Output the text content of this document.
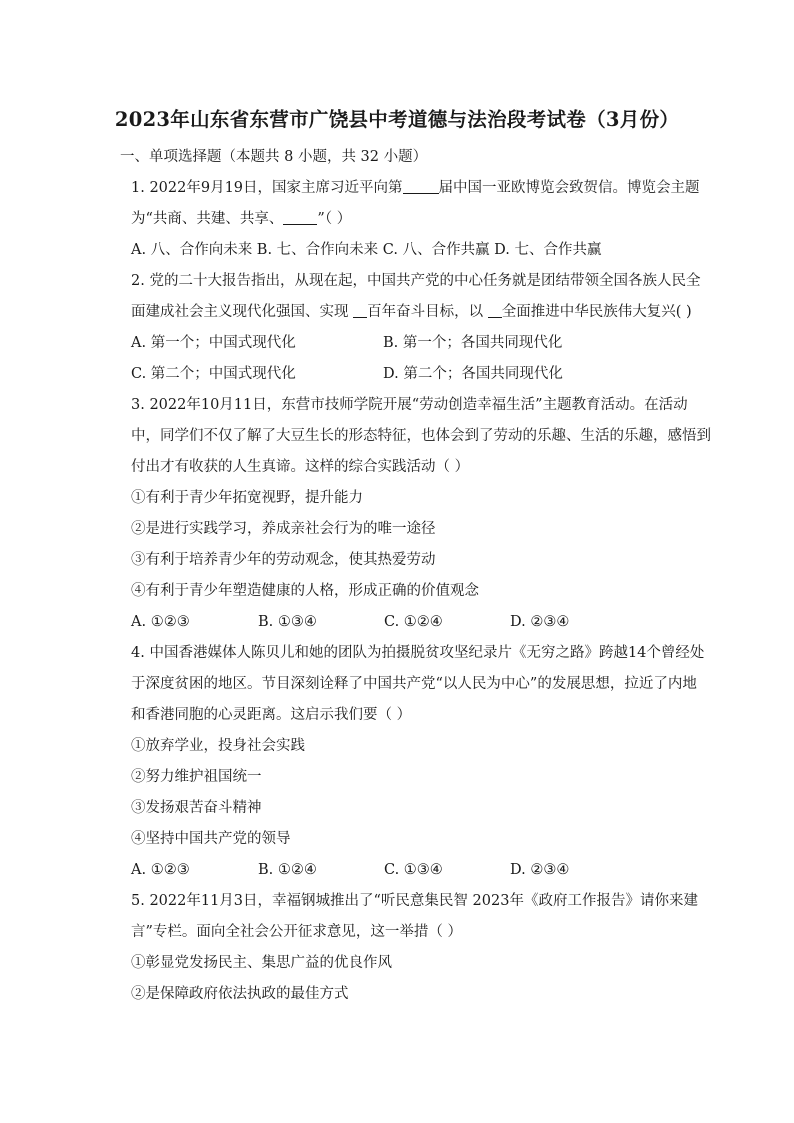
2023年山东省东营市广饶县中考道德与法治段考试卷（3月份）
一、单项选择题（本题共 8 小题，共 32 小题）
1. 2022年9月19日，国家主席习近平向第 届中国一亚欧博览会致贺信。博览会主题
为“共商、共建、共享、 ”（ ）
A. 八、合作向未来 B. 七、合作向未来 C. 八、合作共赢 D. 七、合作共赢
2. 党的二十大报告指出，从现在起，中国共产党的中心任务就是团结带领全国各族人民全
面建成社会主义现代化强国、实现 百年奋斗目标，以 全面推进中华民族伟大复兴( )
A. 第一个；中国式现代化	B. 第一个；各国共同现代化
C. 第二个；中国式现代化	D. 第二个；各国共同现代化
3. 2022年10月11日，东营市技师学院开展“劳动创造幸福生活”主题教育活动。在活动
中，同学们不仅了解了大豆生长的形态特征，也体会到了劳动的乐趣、生活的乐趣，感悟到
付出才有收获的人生真谛。这样的综合实践活动（ ）
①有利于青少年拓宽视野，提升能力
②是进行实践学习，养成亲社会行为的唯一途径
③有利于培养青少年的劳动观念，使其热爱劳动
④有利于青少年塑造健康的人格，形成正确的价值观念
A. ①②③	B. ①③④	C. ①②④	D. ②③④
4. 中国香港媒体人陈贝儿和她的团队为拍摄脱贫攻坚纪录片《无穷之路》跨越14个曾经处
于深度贫困的地区。节目深刻诠释了中国共产党“以人民为中心”的发展思想，拉近了内地
和香港同胞的心灵距离。这启示我们要（ ）
①放弃学业，投身社会实践
②努力维护祖国统一
③发扬艰苦奋斗精神
④坚持中国共产党的领导
A. ①②③	B. ①②④	C. ①③④	D. ②③④
5. 2022年11月3日，幸福钢城推出了“听民意集民智 2023年《政府工作报告》请你来建
言”专栏。面向全社会公开征求意见，这一举措（ ）
①彰显党发扬民主、集思广益的优良作风
②是保障政府依法执政的最佳方式
